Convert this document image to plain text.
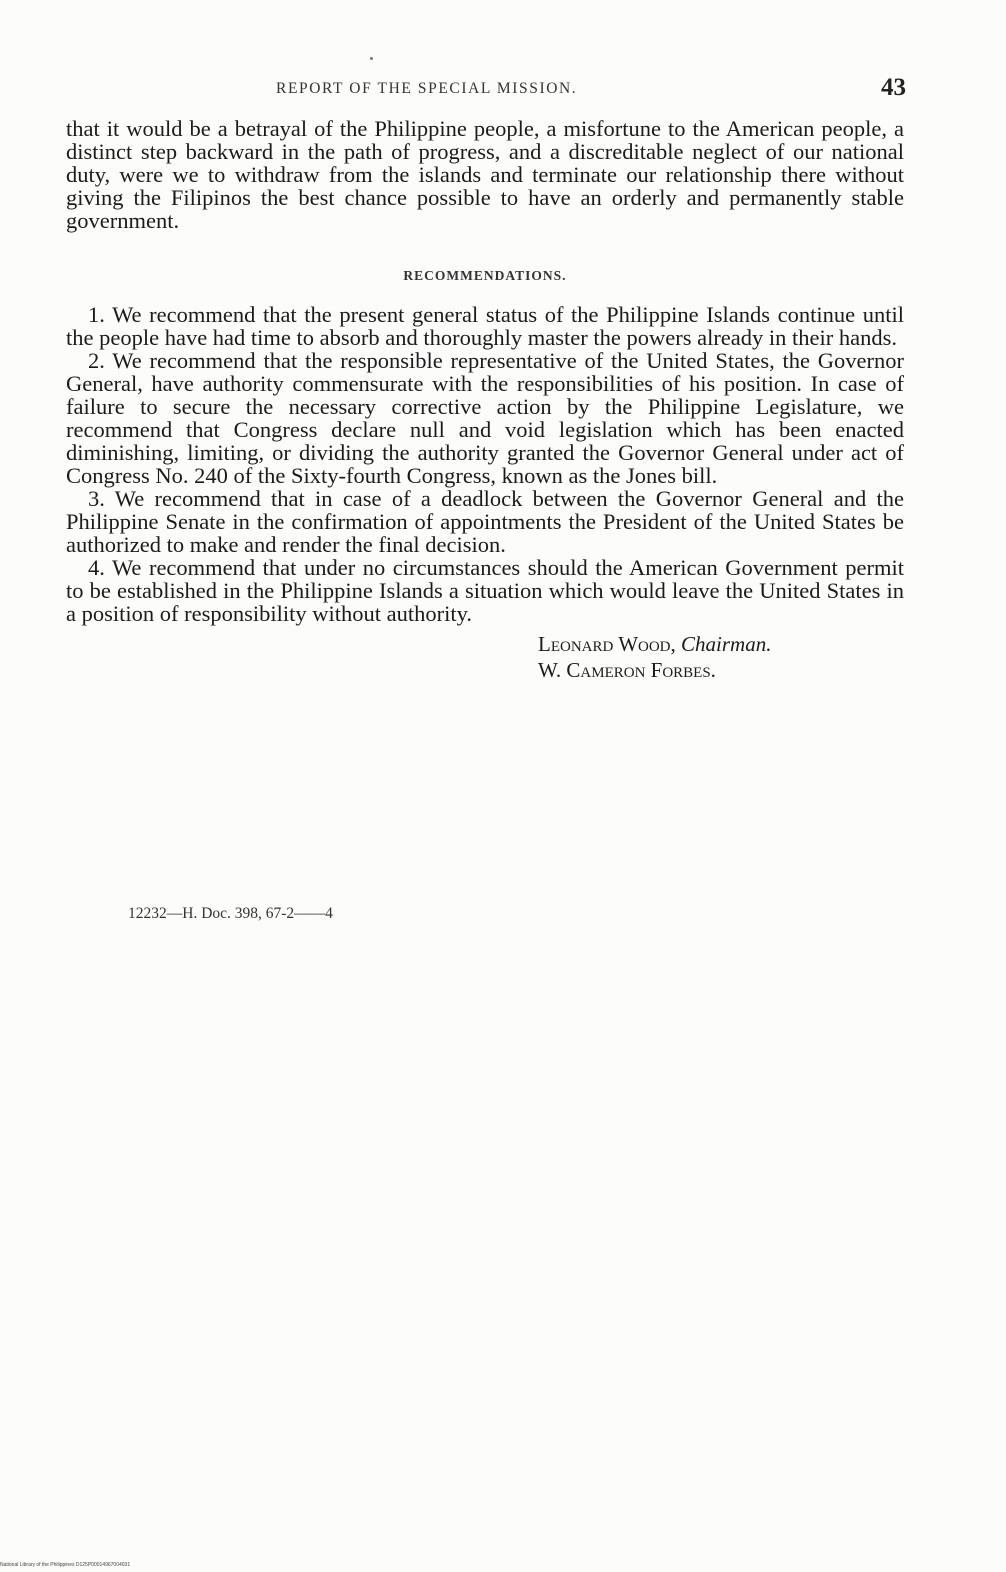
REPORT OF THE SPECIAL MISSION.	43

that it would be a betrayal of the Philippine people, a misfortune to the American people, a distinct step backward in the path of progress, and a discreditable neglect of our national duty, were we to withdraw from the islands and terminate our relationship there without giving the Filipinos the best chance possible to have an orderly and permanently stable government.

RECOMMENDATIONS.

1. We recommend that the present general status of the Philippine Islands continue until the people have had time to absorb and thoroughly master the powers already in their hands.

2. We recommend that the responsible representative of the United States, the Governor General, have authority commensurate with the responsibilities of his position. In case of failure to secure the necessary corrective action by the Philippine Legislature, we recommend that Congress declare null and void legislation which has been enacted diminishing, limiting, or dividing the authority granted the Governor General under act of Congress No. 240 of the Sixty-fourth Congress, known as the Jones bill.

3. We recommend that in case of a deadlock between the Governor General and the Philippine Senate in the confirmation of appointments the President of the United States be authorized to make and render the final decision.

4. We recommend that under no circumstances should the American Government permit to be established in the Philippine Islands a situation which would leave the United States in a position of responsibility without authority.

Leonard Wood, Chairman.
W. Cameron Forbes.
12232—H. Doc. 398, 67-2——4
National Library of the Philippines D125P00014967004031
